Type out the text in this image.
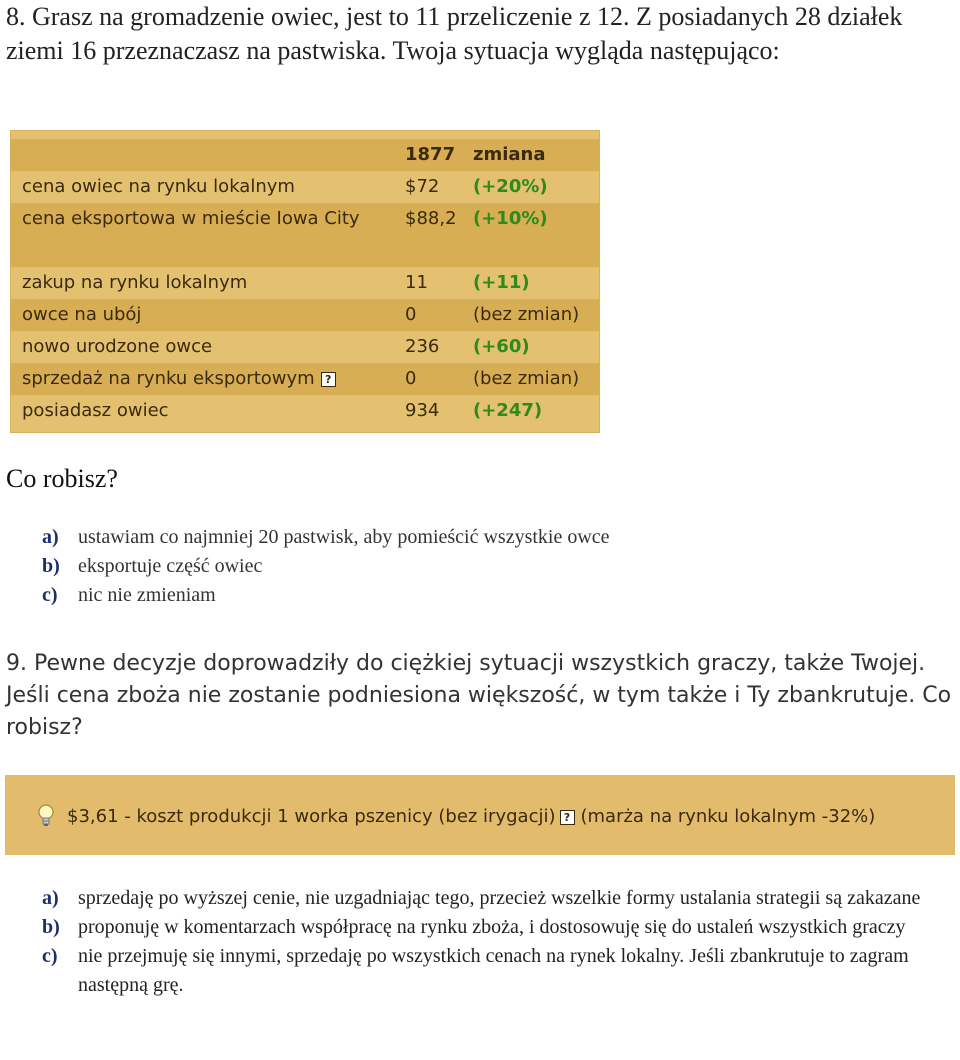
8. Grasz na gromadzenie owiec, jest to 11 przeliczenie z 12. Z posiadanych 28 działek ziemi 16 przeznaczasz na pastwiska. Twoja sytuacja wygląda następująco:

1877 zmiana
cena owiec na rynku lokalnym	$72 (+20%)
cena eksportowa w mieście Iowa City	$88,2 (+10%)
zakup na rynku lokalnym	11	(+11)
owce na ubój	0	(bez zmian)
nowo urodzone owce	236 (+60)
sprzedaż na rynku eksportowym ?	0	(bez zmian)
posiadasz owiec	934 (+247)

Co robisz?

a) ustawiam co najmniej 20 pastwisk, aby pomieścić wszystkie owce
b) eksportuje część owiec
c) nic nie zmieniam

9. Pewne decyzje doprowadziły do ciężkiej sytuacji wszystkich graczy, także Twojej. Jeśli cena zboża nie zostanie podniesiona większość, w tym także i Ty zbankrutuje. Co robisz?

$3,61 - koszt produkcji 1 worka pszenicy (bez irygacji) ? (marża na rynku lokalnym -32%)
a) sprzedaję po wyższej cenie, nie uzgadniając tego, przecież wszelkie formy ustalania strategii są zakazane
b) proponuję w komentarzach współpracę na rynku zboża, i dostosowuję się do ustaleń wszystkich graczy
c) nie przejmuję się innymi, sprzedaję po wszystkich cenach na rynek lokalny. Jeśli zbankrutuje to zagram następną grę.
